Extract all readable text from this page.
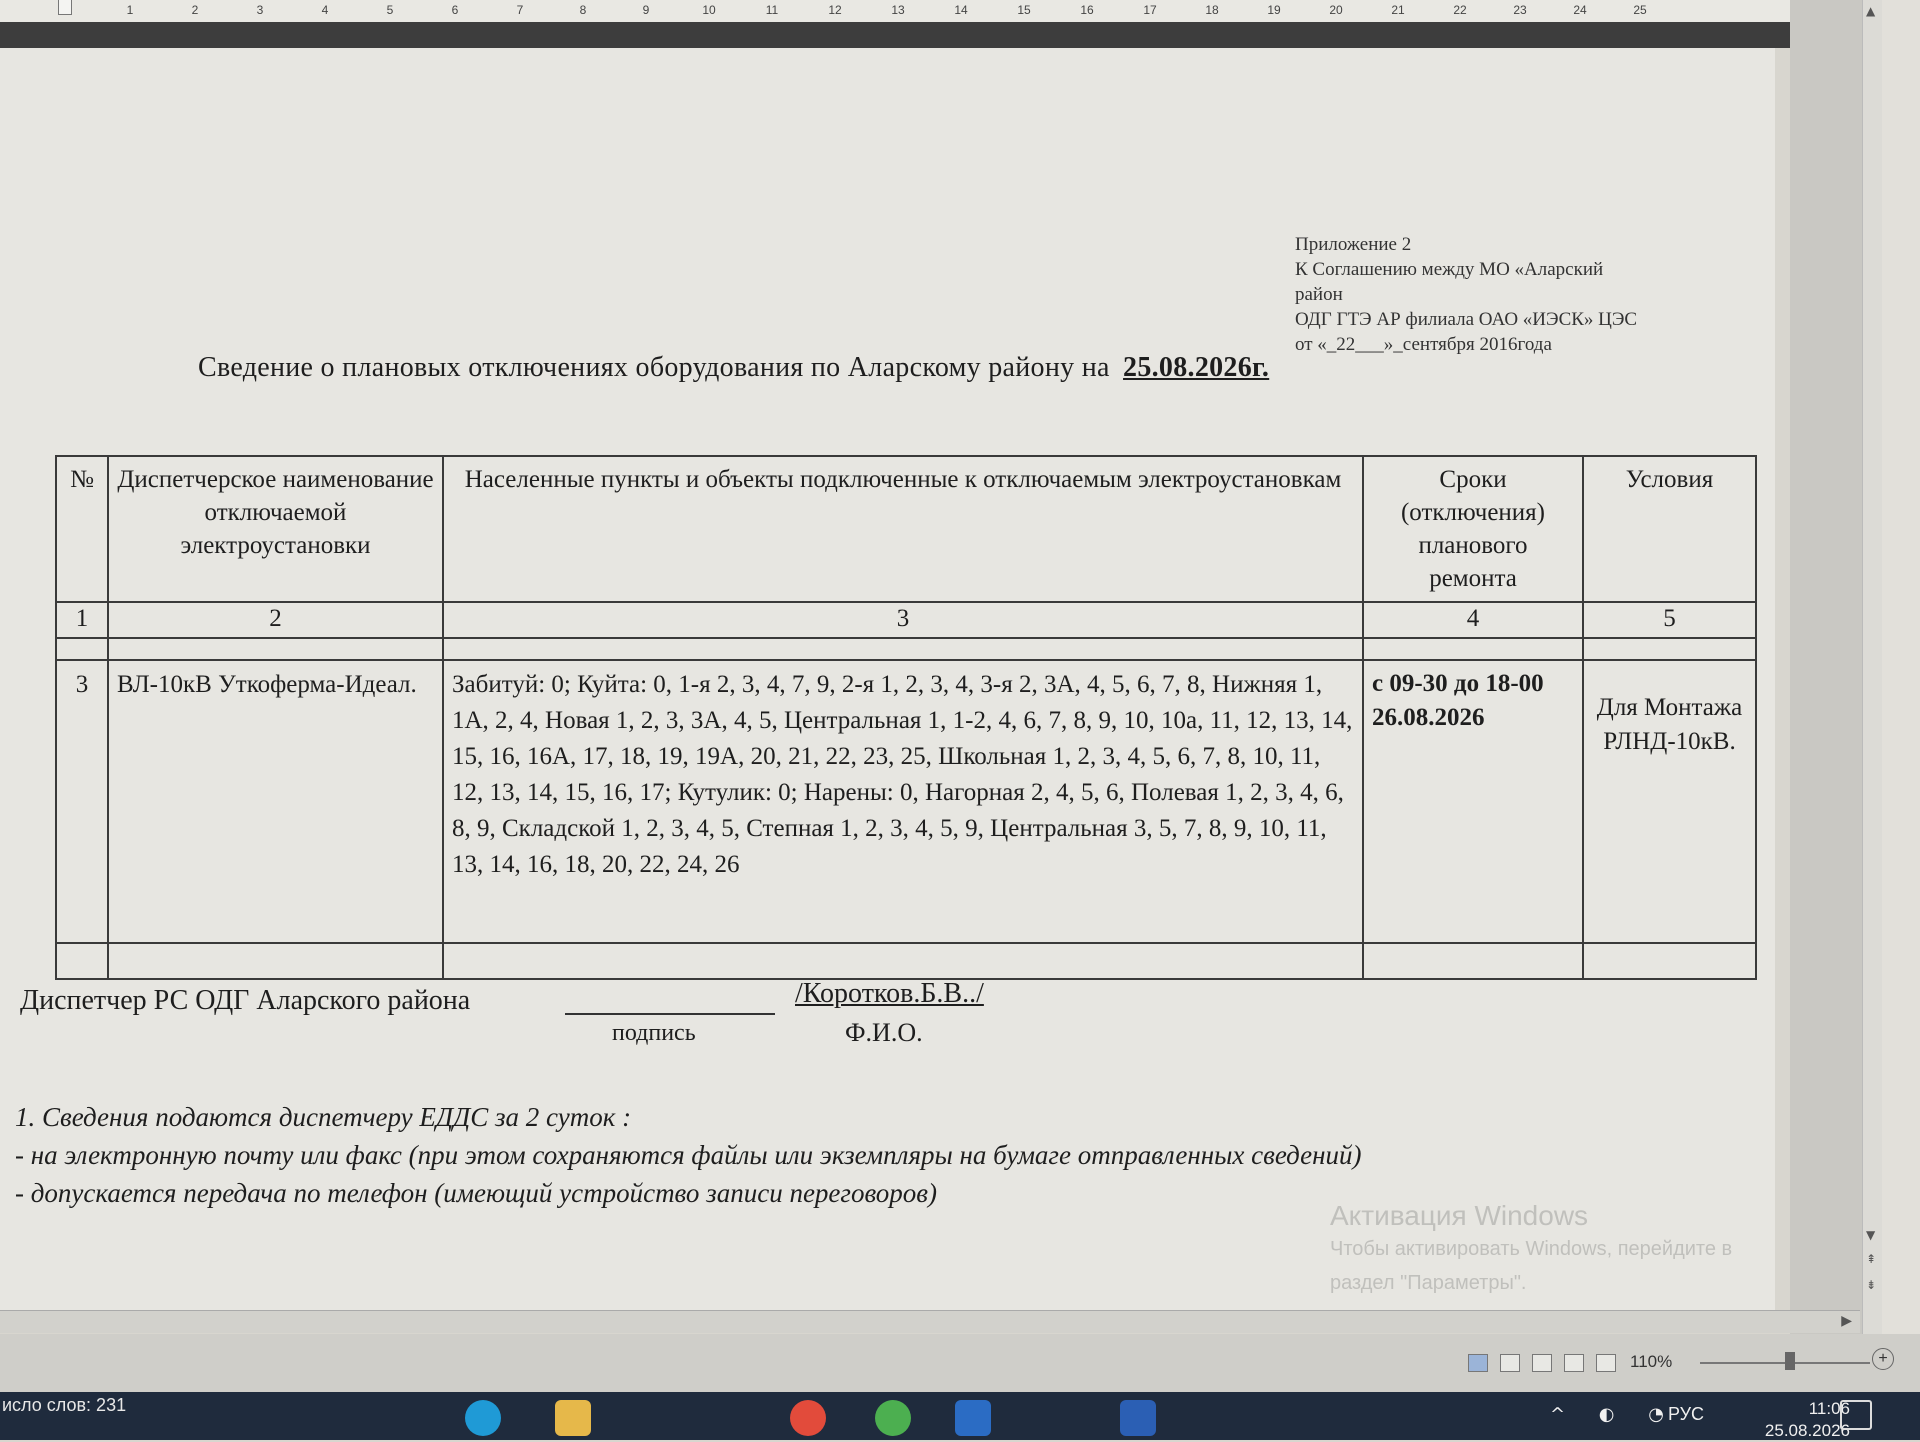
1	2	3	4	5	6	7	8	9	10	11	12	13	14	15	16	17	18	19	20	21	22	23	24	25	▲
▼
⇞
⇟
Приложение 2
К Соглашению между МО «Аларский
район
ОДГ ГТЭ АР филиала ОАО «ИЭСК» ЦЭС
от «_22___»_сентября 2016года
Сведение о плановых отключениях оборудования по Аларскому району на 25.08.2026г.
№	Диспетчерское наименование отключаемой электроустановки	Населенные пункты и объекты подключенные к отключаемым электроустановкам	Сроки (отключения) планового ремонта	Условия
1	2	3	4	5

3	ВЛ-10кВ Уткоферма-Идеал.	Забитуй: 0; Куйта: 0, 1-я 2, 3, 4, 7, 9, 2-я 1, 2, 3, 4, 3-я 2, 3А, 4, 5, 6, 7, 8, Нижняя 1, 1А, 2, 4, Новая 1, 2, 3, 3А, 4, 5, Центральная 1, 1-2, 4, 6, 7, 8, 9, 10, 10а, 11, 12, 13, 14, 15, 16, 16А, 17, 18, 19, 19А, 20, 21, 22, 23, 25, Школьная 1, 2, 3, 4, 5, 6, 7, 8, 10, 11, 12, 13, 14, 15, 16, 17; Кутулик: 0; Нарены: 0, Нагорная 2, 4, 5, 6, Полевая 1, 2, 3, 4, 6, 8, 9, Складской 1, 2, 3, 4, 5, Степная 1, 2, 3, 4, 5, 9, Центральная 3, 5, 7, 8, 9, 10, 11, 13, 14, 16, 18, 20, 22, 24, 26	с 09-30 до 18-00 26.08.2026	Для Монтажа РЛНД-10кВ.

Диспетчер РС ОДГ Аларского района
подпись
/Коротков.Б.В../
Ф.И.О.
1. Сведения подаются диспетчеру ЕДДС за 2 суток :
- на электронную почту или факс (при этом сохраняются файлы или экземпляры на бумаге отправленных сведений)
- допускается передача по телефон (имеющий устройство записи переговоров)
Активация Windows
Чтобы активировать Windows, перейдите в
раздел "Параметры".
▶
110%	+
^ ◐ ◔
РУС	11:06
25.08.2026
исло слов: 231
